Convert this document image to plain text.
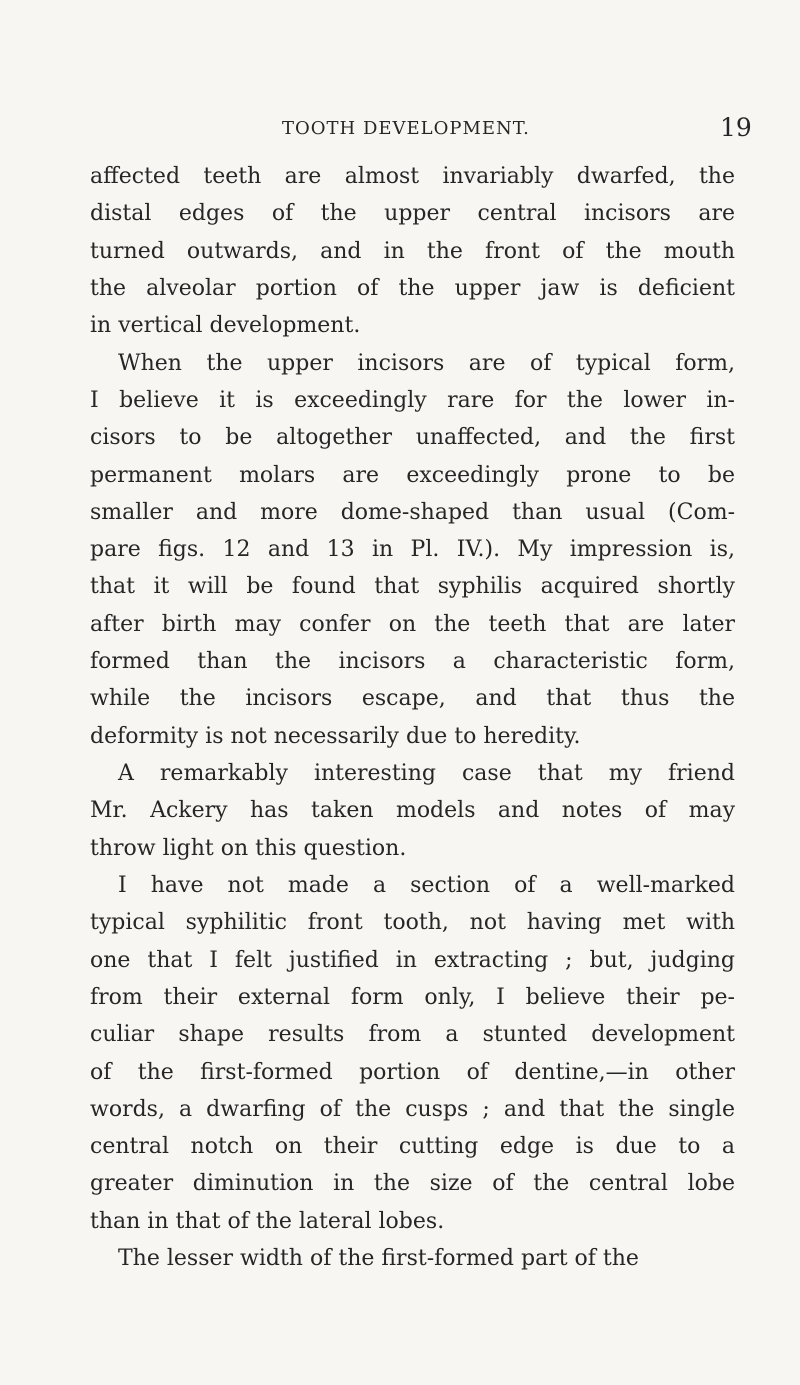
TOOTH DEVELOPMENT.	19
affected teeth are almost invariably dwarfed, the
distal edges of the upper central incisors are
turned outwards, and in the front of the mouth
the alveolar portion of the upper jaw is deficient
in vertical development.
When the upper incisors are of typical form,
I believe it is exceedingly rare for the lower in-
cisors to be altogether unaffected, and the first
permanent molars are exceedingly prone to be
smaller and more dome-shaped than usual (Com-
pare figs. 12 and 13 in Pl. IV.). My impression is,
that it will be found that syphilis acquired shortly
after birth may confer on the teeth that are later
formed than the incisors a characteristic form,
while the incisors escape, and that thus the
deformity is not necessarily due to heredity.
A remarkably interesting case that my friend
Mr. Ackery has taken models and notes of may
throw light on this question.
I have not made a section of a well-marked
typical syphilitic front tooth, not having met with
one that I felt justified in extracting ; but, judging
from their external form only, I believe their pe-
culiar shape results from a stunted development
of the first-formed portion of dentine,—in other
words, a dwarfing of the cusps ; and that the single
central notch on their cutting edge is due to a
greater diminution in the size of the central lobe
than in that of the lateral lobes.
The lesser width of the first-formed part of the
